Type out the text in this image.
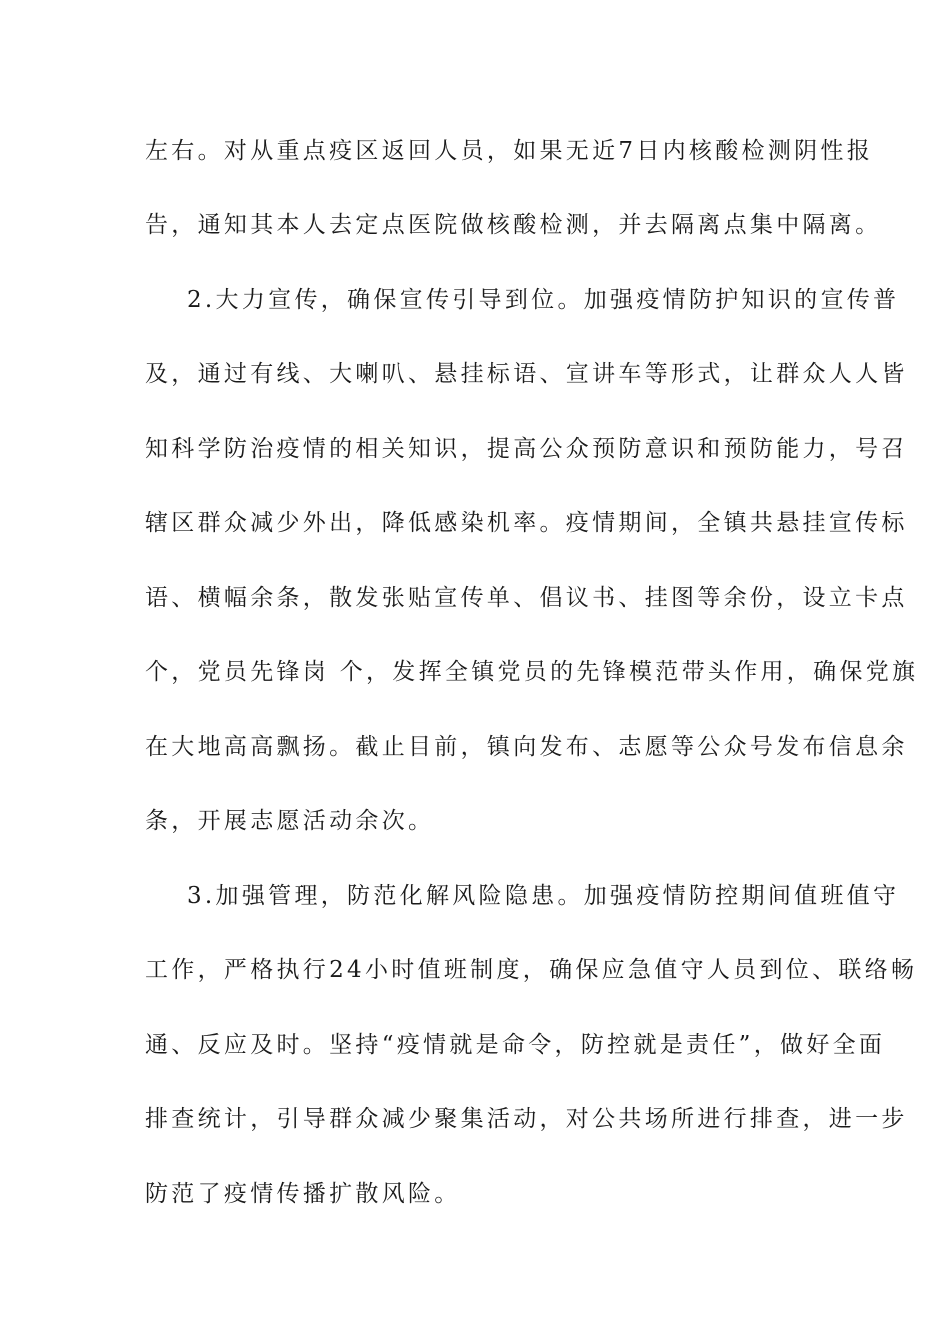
左右。对从重点疫区返回人员，如果无近7日内核酸检测阴性报
告，通知其本人去定点医院做核酸检测，并去隔离点集中隔离。
2.大力宣传，确保宣传引导到位。加强疫情防护知识的宣传普
及，通过有线、大喇叭、悬挂标语、宣讲车等形式，让群众人人皆
知科学防治疫情的相关知识，提高公众预防意识和预防能力，号召
辖区群众减少外出，降低感染机率。疫情期间，全镇共悬挂宣传标
语、横幅余条，散发张贴宣传单、倡议书、挂图等余份，设立卡点
个，党员先锋岗 个，发挥全镇党员的先锋模范带头作用，确保党旗
在大地高高飘扬。截止目前，镇向发布、志愿等公众号发布信息余
条，开展志愿活动余次。
3.加强管理，防范化解风险隐患。加强疫情防控期间值班值守
工作，严格执行24小时值班制度，确保应急值守人员到位、联络畅
通、反应及时。坚持“疫情就是命令，防控就是责任”，做好全面
排查统计，引导群众减少聚集活动，对公共场所进行排查，进一步
防范了疫情传播扩散风险。
